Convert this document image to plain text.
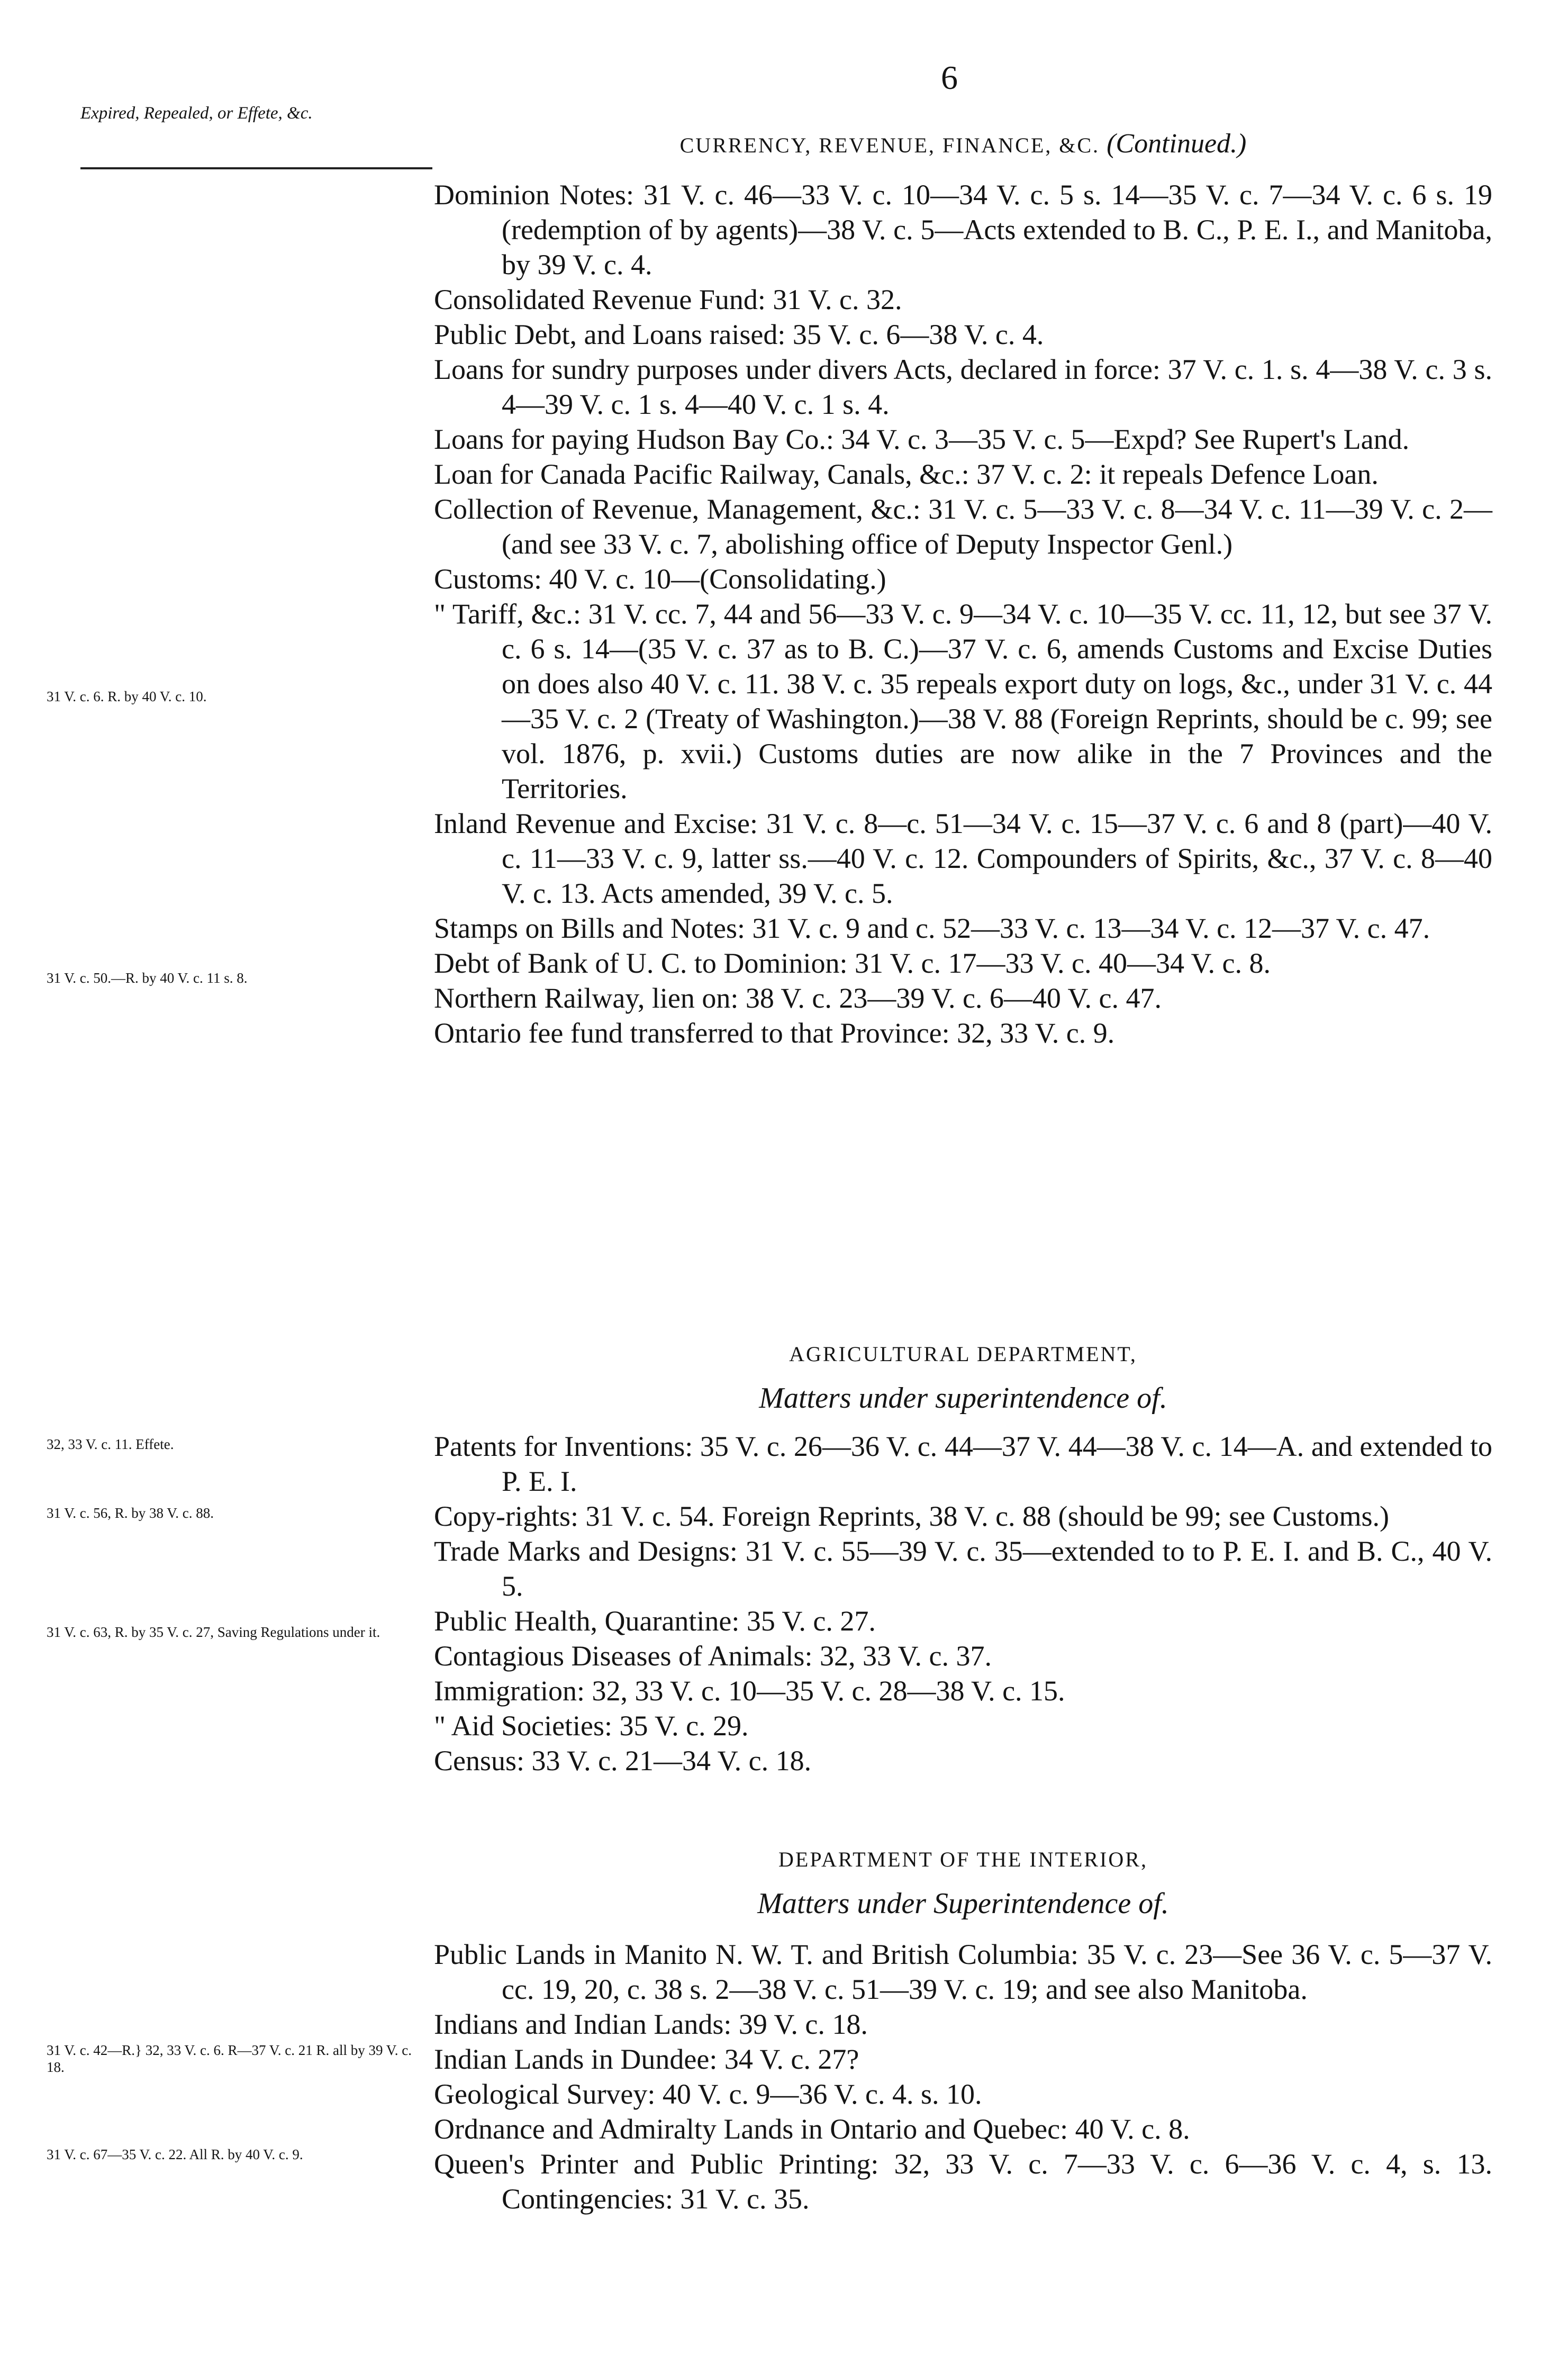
6
Expired, Repealed, or Effete, &c.
CURRENCY, REVENUE, FINANCE, &C. (Continued.)
Dominion Notes: 31 V. c. 46—33 V. c. 10—34 V. c. 5 s. 14—35 V. c. 7—34 V. c. 6 s. 19 (redemption of by agents)—38 V. c. 5—Acts extended to B. C., P. E. I., and Manitoba, by 39 V. c. 4.
Consolidated Revenue Fund: 31 V. c. 32.
Public Debt, and Loans raised: 35 V. c. 6—38 V. c. 4.
Loans for sundry purposes under divers Acts, declared in force: 37 V. c. 1. s. 4—38 V. c. 3 s. 4—39 V. c. 1 s. 4—40 V. c. 1 s. 4.
Loans for paying Hudson Bay Co.: 34 V. c. 3—35 V. c. 5—Expd? See Rupert's Land.
Loan for Canada Pacific Railway, Canals, &c.: 37 V. c. 2: it repeals Defence Loan.
Collection of Revenue, Management, &c.: 31 V. c. 5—33 V. c. 8—34 V. c. 11—39 V. c. 2—(and see 33 V. c. 7, abolishing office of Deputy Inspector Genl.)
Customs: 40 V. c. 10—(Consolidating.)
" Tariff, &c.: 31 V. cc. 7, 44 and 56—33 V. c. 9—34 V. c. 10—35 V. cc. 11, 12, but see 37 V. c. 6 s. 14—(35 V. c. 37 as to B. C.)—37 V. c. 6, amends Customs and Excise Duties on does also 40 V. c. 11. 38 V. c. 35 repeals export duty on logs, &c., under 31 V. c. 44—35 V. c. 2 (Treaty of Washington.)—38 V. 88 (Foreign Reprints, should be c. 99; see vol. 1876, p. xvii.) Customs duties are now alike in the 7 Provinces and the Territories.
Inland Revenue and Excise: 31 V. c. 8—c. 51—34 V. c. 15—37 V. c. 6 and 8 (part)—40 V. c. 11—33 V. c. 9, latter ss.—40 V. c. 12. Compounders of Spirits, &c., 37 V. c. 8—40 V. c. 13. Acts amended, 39 V. c. 5.
Stamps on Bills and Notes: 31 V. c. 9 and c. 52—33 V. c. 13—34 V. c. 12—37 V. c. 47.
Debt of Bank of U. C. to Dominion: 31 V. c. 17—33 V. c. 40—34 V. c. 8.
Northern Railway, lien on: 38 V. c. 23—39 V. c. 6—40 V. c. 47.
Ontario fee fund transferred to that Province: 32, 33 V. c. 9.
AGRICULTURAL DEPARTMENT,
Matters under superintendence of.
Patents for Inventions: 35 V. c. 26—36 V. c. 44—37 V. 44—38 V. c. 14—A. and extended to P. E. I.
Copy-rights: 31 V. c. 54. Foreign Reprints, 38 V. c. 88 (should be 99; see Customs.)
Trade Marks and Designs: 31 V. c. 55—39 V. c. 35—extended to to P. E. I. and B. C., 40 V. 5.
Public Health, Quarantine: 35 V. c. 27.
Contagious Diseases of Animals: 32, 33 V. c. 37.
Immigration: 32, 33 V. c. 10—35 V. c. 28—38 V. c. 15.
" Aid Societies: 35 V. c. 29.
Census: 33 V. c. 21—34 V. c. 18.
DEPARTMENT OF THE INTERIOR,
Matters under Superintendence of.
Public Lands in Manito N. W. T. and British Columbia: 35 V. c. 23—See 36 V. c. 5—37 V. cc. 19, 20, c. 38 s. 2—38 V. c. 51—39 V. c. 19; and see also Manitoba.
Indians and Indian Lands: 39 V. c. 18.
Indian Lands in Dundee: 34 V. c. 27?
Geological Survey: 40 V. c. 9—36 V. c. 4. s. 10.
Ordnance and Admiralty Lands in Ontario and Quebec: 40 V. c. 8.
Queen's Printer and Public Printing: 32, 33 V. c. 7—33 V. c. 6—36 V. c. 4, s. 13. Contingencies: 31 V. c. 35.
31 V. c. 6. R. by 40 V. c. 10.
31 V. c. 50.—R. by 40 V. c. 11 s. 8.
32, 33 V. c. 11. Effete.
31 V. c. 56, R. by 38 V. c. 88.
31 V. c. 63, R. by 35 V. c. 27, Saving Regulations under it.
31 V. c. 42—R.} 32, 33 V. c. 6. R—37 V. c. 21 R. all by 39 V. c. 18.
31 V. c. 67—35 V. c. 22. All R. by 40 V. c. 9.
